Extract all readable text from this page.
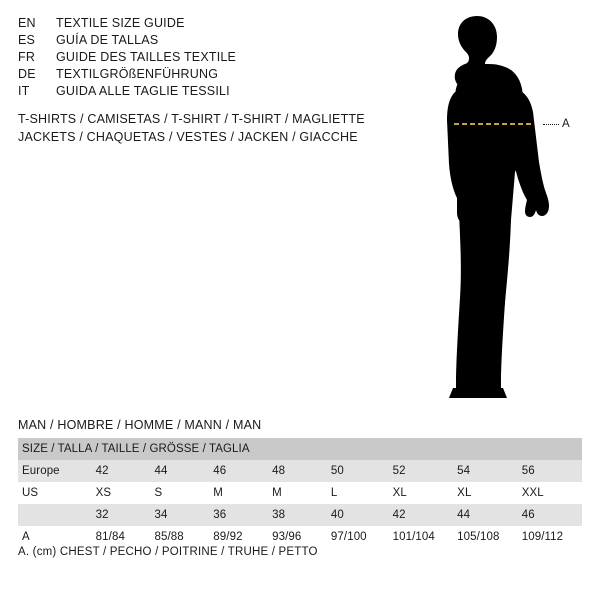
EN	TEXTILE SIZE GUIDE
ES	GUÍA DE TALLAS
FR	GUIDE DES TAILLES TEXTILE
DE	TEXTILGRÖßENFÜHRUNG
IT	GUIDA ALLE TAGLIE TESSILI
T-SHIRTS / CAMISETAS / T-SHIRT / T-SHIRT / MAGLIETTE
JACKETS / CHAQUETAS / VESTES / JACKEN / GIACCHE
A
MAN / HOMBRE / HOMME / MANN / MAN
SIZE / TALLA / TAILLE / GRÖSSE / TAGLIA								
Europe	42	44	46	48	50	52	54	56
US	XS	S	M	M	L	XL	XL	XXL
	32	34	36	38	40	42	44	46
A	81/84	85/88	89/92	93/96	97/100	101/104	105/108	109/112
A. (cm) CHEST / PECHO / POITRINE / TRUHE / PETTO
